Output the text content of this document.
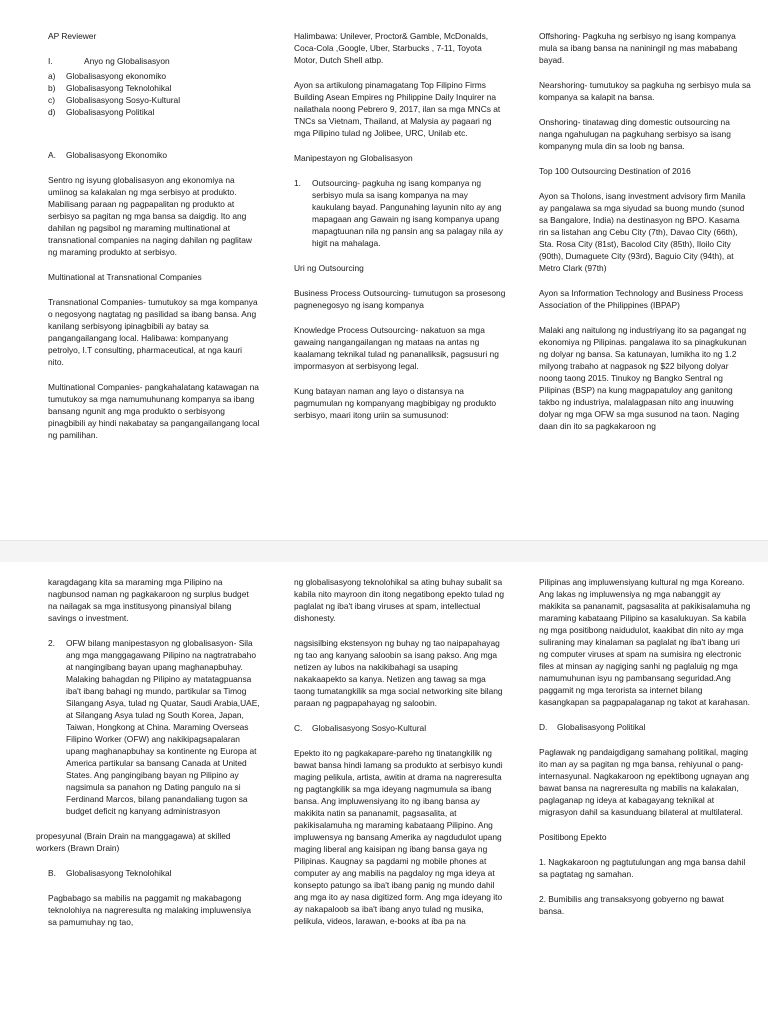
AP Reviewer

I.	Anyo ng Globalisasyon
a) Globalisasyong ekonomiko
b) Globalisasyong Teknolohikal
c) Globalisasyong Sosyo-Kultural
d) Globalisasyong Politikal
A. Globalisasyong Ekonomiko

Sentro ng isyung globalisasyon ang ekonomiya na umiinog sa kalakalan ng mga serbisyo at produkto. Mabilisang paraan ng pagpapalitan ng produkto at serbisyo sa pagitan ng mga bansa sa daigdig. Ito ang dahilan ng pagsibol ng maraming multinational at transnational companies na naging dahilan ng paglitaw ng maraming produkto at serbisyo.

Multinational at Transnational Companies

Transnational Companies- tumutukoy sa mga kompanya o negosyong nagtatag ng pasilidad sa ibang bansa. Ang kanilang serbisyong ipinagbibili ay batay sa pangangailangang local. Halibawa: kompanyang petrolyo, I.T consulting, pharmaceutical, at nga kauri nito.

Multinational Companies- pangkahalatang katawagan na tumutukoy sa mga namumuhunang kompanya sa ibang bansang ngunit ang mga produkto o serbisyong pinagbibili ay hindi nakabatay sa pangangailangang local ng pamilihan.

Halimbawa: Unilever, Proctor& Gamble, McDonalds, Coca-Cola ,Google, Uber, Starbucks , 7-11, Toyota Motor, Dutch Shell atbp.

Ayon sa artikulong pinamagatang Top Filipino Firms Building Asean Empires ng Philippine Daily Inquirer na nailathala noong Pebrero 9, 2017, ilan sa mga MNCs at TNCs sa Vietnam, Thailand, at Malysia ay pagaari ng mga Pilipino tulad ng Jolibee, URC, Unilab etc.

Manipestayon ng Globalisasyon

1. Outsourcing- pagkuha ng isang kompanya ng serbisyo mula sa isang kompanya na may kaukulang bayad. Pangunahing layunin nito ay ang mapagaan ang Gawain ng isang kompanya upang mapagtuunan nila ng pansin ang sa palagay nila ay higit na mahalaga.

Uri ng Outsourcing

Business Process Outsourcing- tumutugon sa prosesong pagnenegosyo ng isang kompanya

Knowledge Process Outsourcing- nakatuon sa mga gawaing nangangailangan ng mataas na antas ng kaalamang teknikal tulad ng pananaliksik, pagsusuri ng impormasyon at serbisyong legal.

Kung batayan naman ang layo o distansya na pagmumulan ng kompanyang magbibigay ng produkto serbisyo, maari itong uriin sa sumusunod:

Offshoring- Pagkuha ng serbisyo ng isang kompanya mula sa ibang bansa na naniningil ng mas mababang bayad.

Nearshoring- tumutukoy sa pagkuha ng serbisyo mula sa kompanya sa kalapit na bansa.

Onshoring- tinatawag ding domestic outsourcing na nanga ngahulugan na pagkuhang serbisyo sa isang kompanyng mula din sa loob ng bansa.

Top 100 Outsourcing Destination of 2016

Ayon sa Tholons, isang investment advisory firm Manila ay pangalawa sa mga siyudad sa buong mundo (sunod sa Bangalore, India) na destinasyon ng BPO. Kasama rin sa listahan ang Cebu City (7th), Davao City (66th), Sta. Rosa City (81st), Bacolod City (85th), Iloilo City (90th), Dumaguete City (93rd), Baguio City (94th), at Metro Clark (97th)

Ayon sa Information Technology and Business Process Association of the Philippines (IBPAP)

Malaki ang naitulong ng industriyang ito sa pagangat ng ekonomiya ng Pilipinas. pangalawa ito sa pinagkukunan ng dolyar ng bansa. Sa katunayan, lumikha ito ng 1.2 milyong trabaho at nagpasok ng $22 bilyong dolyar noong taong 2015. Tinukoy ng Bangko Sentral ng Pilipinas (BSP) na kung magpapatuloy ang ganitong takbo ng industriya, malalagpasan nito ang inuuwing dolyar ng mga OFW sa mga susunod na taon. Naging daan din ito sa pagkakaroon ng

karagdagang kita sa maraming mga Pilipino na nagbunsod naman ng pagkakaroon ng surplus budget na nailagak sa mga institusyong pinansiyal bilang savings o investment.

2. OFW bilang manipestasyon ng globalisasyon- Sila ang mga manggagawang Pilipino na nagtratrabaho at nangingibang bayan upang maghanapbuhay. Malaking bahagdan ng Pilipino ay matatagpuansa iba't ibang bahagi ng mundo, partikular sa Timog Silangang Asya, tulad ng Quatar, Saudi Arabia,UAE, at Silangang Asya tulad ng South Korea, Japan, Taiwan, Hongkong at China. Maraming Overseas Filipino Worker (OFW) ang nakikipagsapalaran upang maghanapbuhay sa kontinente ng Europa at America partikular sa bansang Canada at United States. Ang pangingibang bayan ng Pilipino ay nagsimula sa panahon ng Dating pangulo na si Ferdinand Marcos, bilang panandaliang tugon sa budget deficit ng kanyang administrasyon

propesyunal (Brain Drain na manggagawa) at skilled workers (Brawn Drain)

B. Globalisasyong Teknolohikal

Pagbabago sa mabilis na paggamit ng makabagong teknolohiya na nagreresulta ng malaking impluwensiya sa pamumuhay ng tao,

ng globalisasyong teknolohikal sa ating buhay subalit sa kabila nito mayroon din itong negatibong epekto tulad ng paglalat ng iba't ibang viruses at spam, intellectual dishonesty.

nagsisilbing ekstensyon ng buhay ng tao naipapahayag ng tao ang kanyang saloobin sa isang pakso. Ang mga netizen ay lubos na nakikibahagi sa usaping nakakaapekto sa kanya. Netizen ang tawag sa mga taong tumatangkilik sa mga social networking site bilang paraan ng pagpapahayag ng saloobin.

C. Globalisasyong Sosyo-Kultural

Epekto ito ng pagkakapare-pareho ng tinatangkilik ng bawat bansa hindi lamang sa produkto at serbisyo kundi maging pelikula, artista, awitin at drama na nagreresulta ng pagtangkilik sa mga ideyang nagmumula sa ibang bansa. Ang impluwensiyang ito ng ibang bansa ay makikita natin sa pananamit, pagsasalita, at pakikisalamuha ng maraming kabataang Pilipino. Ang impluwensya ng bansang Amerika ay nagdudulot upang maging liberal ang kaisipan ng ibang bansa gaya ng Pilipinas. Kaugnay sa pagdami ng mobile phones at computer ay ang mabilis na pagdaloy ng mga ideya at konsepto patungo sa iba't ibang panig ng mundo dahil ang mga ito ay nasa digitized form. Ang mga ideyang ito ay nakapaloob sa iba't ibang anyo tulad ng musika, pelikula, videos, larawan, e-books at iba pa na

Pilipinas ang impluwensiyang kultural ng mga Koreano. Ang lakas ng impluwensiya ng mga nabanggit ay makikita sa pananamit, pagsasalita at pakikisalamuha ng maraming kabataang Pilipino sa kasalukuyan. Sa kabila ng mga positibong naidudulot, kaakibat din nito ay mga suliraning may kinalaman sa paglalat ng iba't ibang uri ng computer viruses at spam na sumisira ng electronic files at minsan ay nagiging sanhi ng paglaluig ng mga namumuhunan isyu ng pambansang seguridad.Ang paggamit ng mga terorista sa internet bilang kasangkapan sa pagpapalaganap ng takot at karahasan.

D. Globalisasyong Politikal

Paglawak ng pandaigdigang samahang politikal, maging ito man ay sa pagitan ng mga bansa, rehiyunal o pang-internasyunal. Nagkakaroon ng epektibong ugnayan ang bawat bansa na nagreresulta ng mabilis na kalakalan, paglaganap ng ideya at kabagayang teknikal at migrasyon dahil sa kasunduang bilateral at multilateral.

Positibong Epekto

1. Nagkakaroon ng pagtutulungan ang mga bansa dahil sa pagtatag ng samahan.

2. Bumibilis ang transaksyong gobyerno ng bawat bansa.
